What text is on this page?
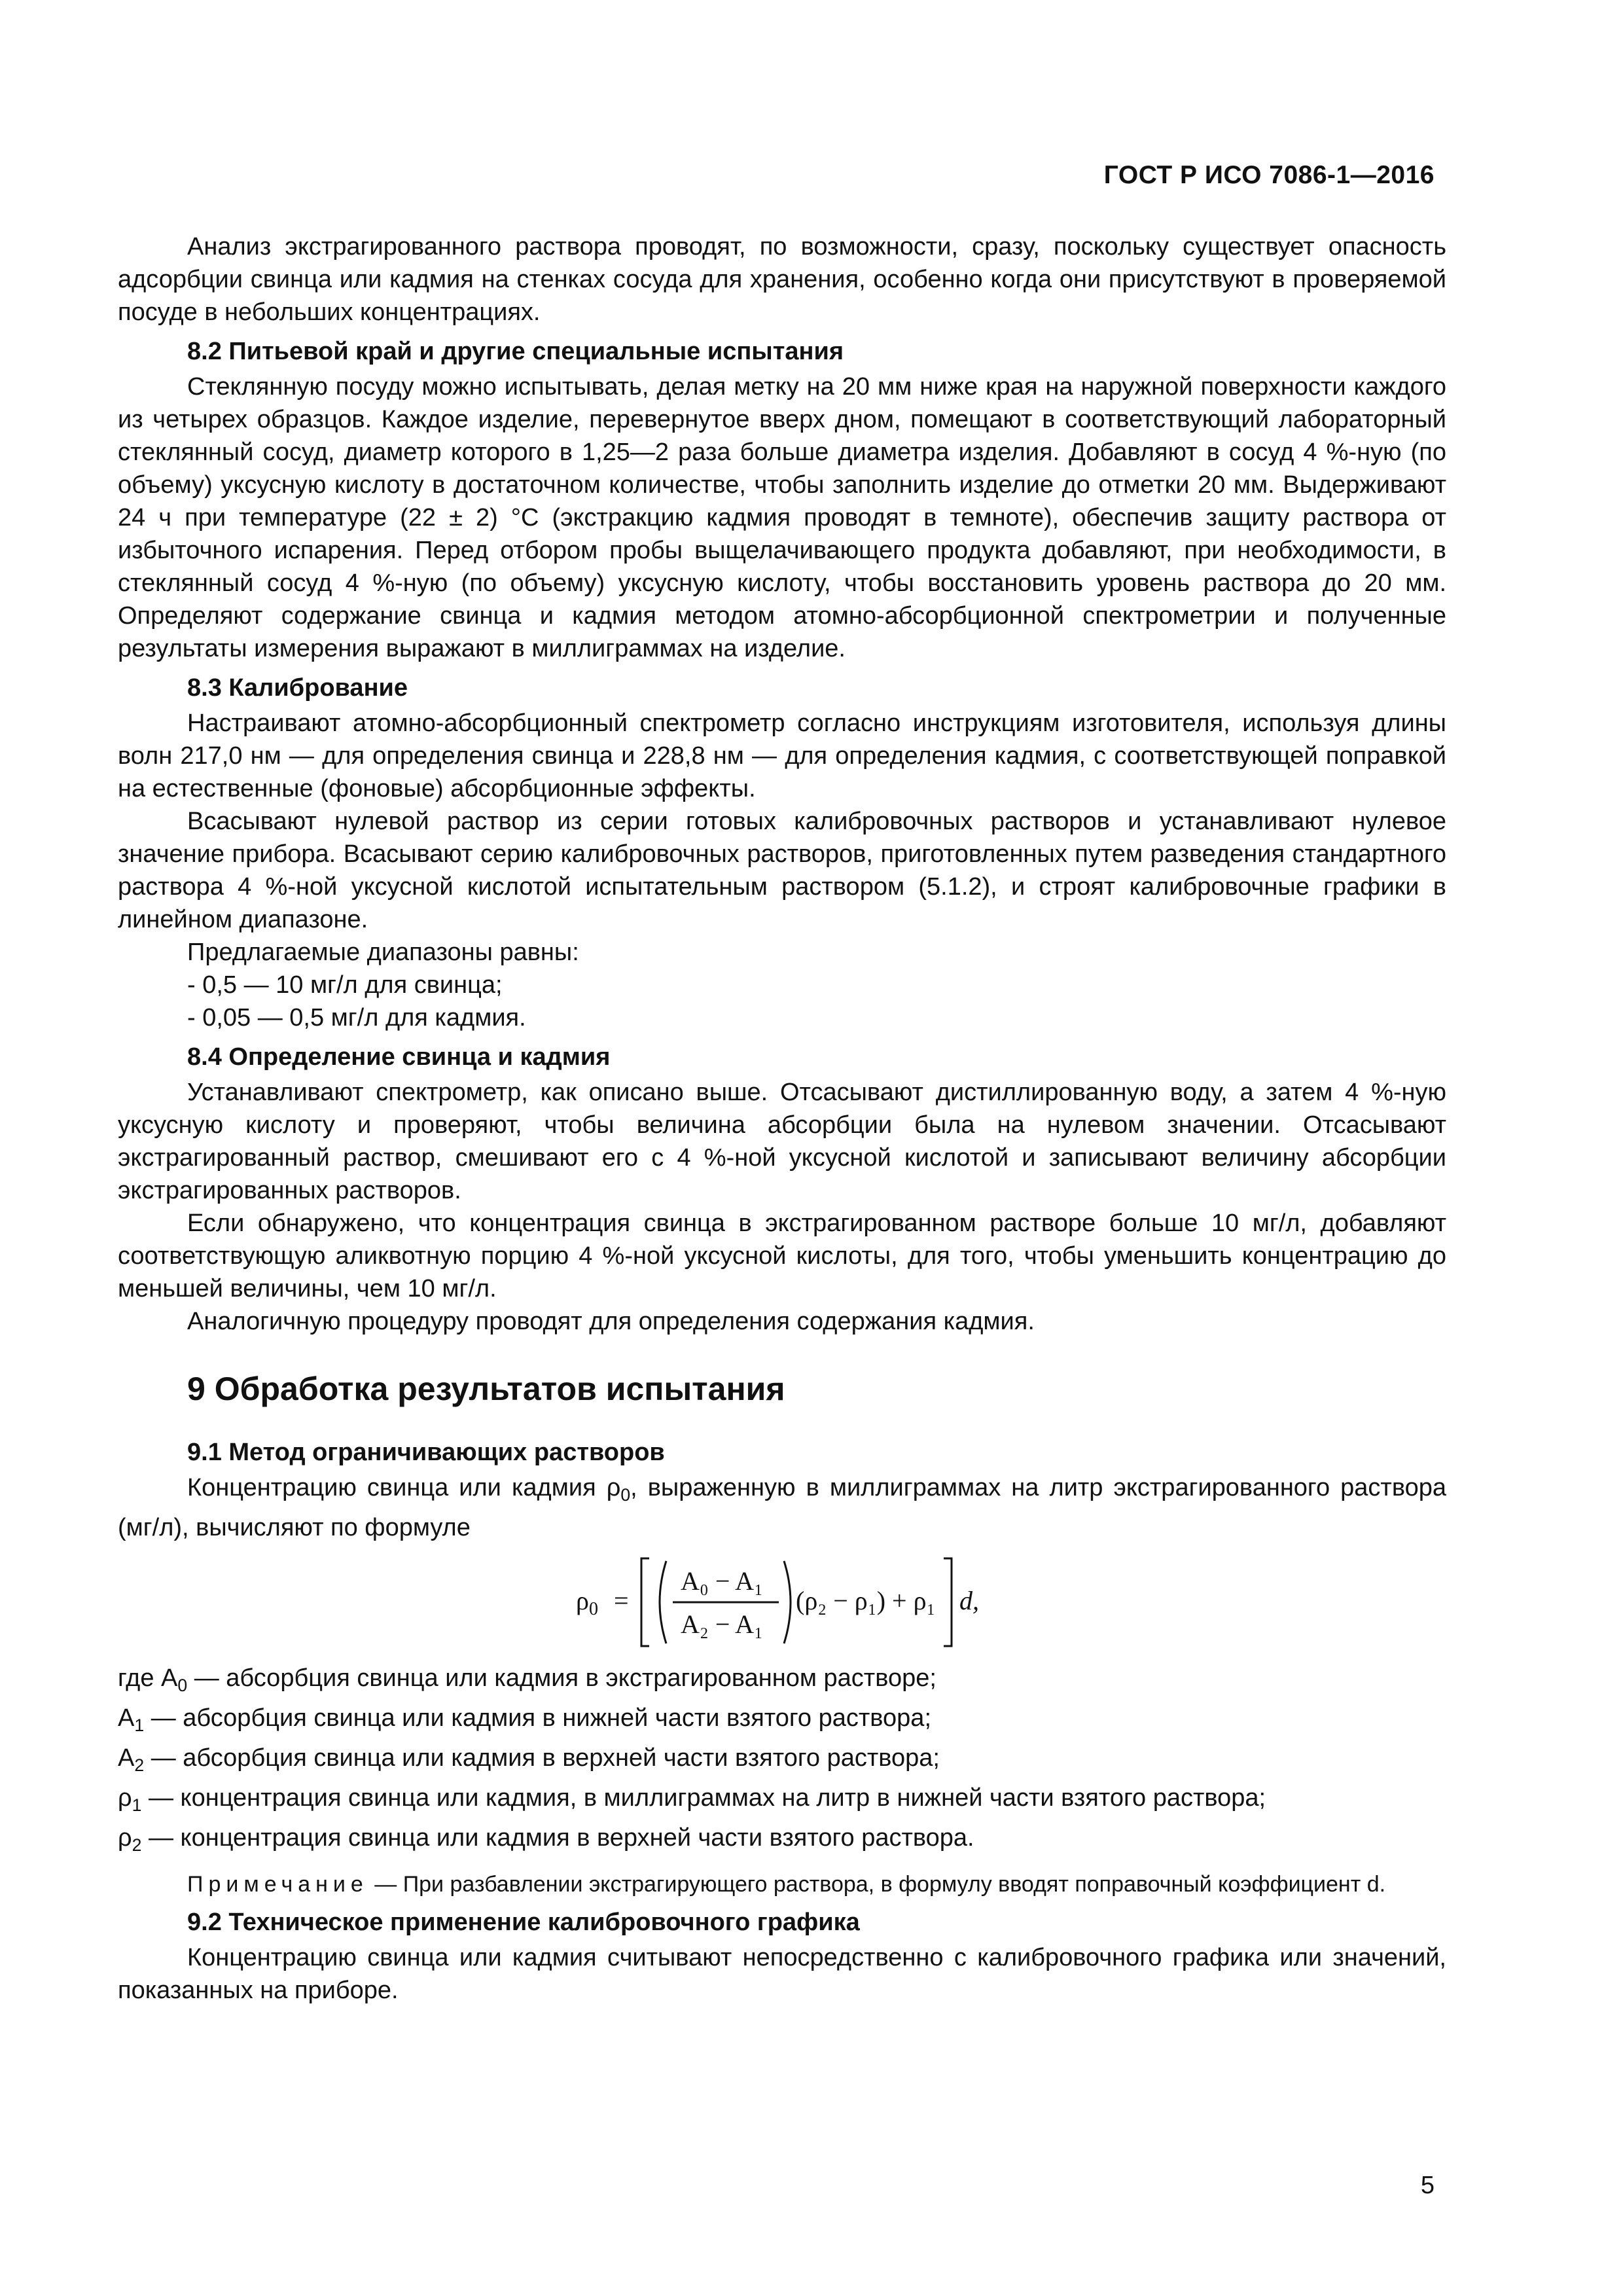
ГОСТ Р ИСО 7086-1—2016

Анализ экстрагированного раствора проводят, по возможности, сразу, поскольку существует опасность адсорбции свинца или кадмия на стенках сосуда для хранения, особенно когда они присутствуют в проверяемой посуде в небольших концентрациях.

8.2 Питьевой край и другие специальные испытания

Стеклянную посуду можно испытывать, делая метку на 20 мм ниже края на наружной поверхности каждого из четырех образцов. Каждое изделие, перевернутое вверх дном, помещают в соответствующий лабораторный стеклянный сосуд, диаметр которого в 1,25—2 раза больше диаметра изделия. Добавляют в сосуд 4 %-ную (по объему) уксусную кислоту в достаточном количестве, чтобы заполнить изделие до отметки 20 мм. Выдерживают 24 ч при температуре (22 ± 2) °С (экстракцию кадмия проводят в темноте), обеспечив защиту раствора от избыточного испарения. Перед отбором пробы выщелачивающего продукта добавляют, при необходимости, в стеклянный сосуд 4 %-ную (по объему) уксусную кислоту, чтобы восстановить уровень раствора до 20 мм. Определяют содержание свинца и кадмия методом атомно-абсорбционной спектрометрии и полученные результаты измерения выражают в миллиграммах на изделие.

8.3 Калибрование

Настраивают атомно-абсорбционный спектрометр согласно инструкциям изготовителя, используя длины волн 217,0 нм — для определения свинца и 228,8 нм — для определения кадмия, с соответствующей поправкой на естественные (фоновые) абсорбционные эффекты.

Всасывают нулевой раствор из серии готовых калибровочных растворов и устанавливают нулевое значение прибора. Всасывают серию калибровочных растворов, приготовленных путем разведения стандартного раствора 4 %-ной уксусной кислотой испытательным раствором (5.1.2), и строят калибровочные графики в линейном диапазоне.

Предлагаемые диапазоны равны:

- 0,5 — 10 мг/л для свинца;

- 0,05 — 0,5 мг/л для кадмия.

8.4 Определение свинца и кадмия

Устанавливают спектрометр, как описано выше. Отсасывают дистиллированную воду, а затем 4 %-ную уксусную кислоту и проверяют, чтобы величина абсорбции была на нулевом значении. Отсасывают экстрагированный раствор, смешивают его с 4 %-ной уксусной кислотой и записывают величину абсорбции экстрагированных растворов.

Если обнаружено, что концентрация свинца в экстрагированном растворе больше 10 мг/л, добавляют соответствующую аликвотную порцию 4 %-ной уксусной кислоты, для того, чтобы уменьшить концентрацию до меньшей величины, чем 10 мг/л.

Аналогичную процедуру проводят для определения содержания кадмия.

9 Обработка результатов испытания
9.1 Метод ограничивающих растворов

Концентрацию свинца или кадмия $\rho_0$, выраженную в миллиграммах на литр экстрагированного раствора (мг/л), вычисляют по формуле

$\rho_0$ =
A₀ − A₁
A₂ − A₁
(ρ₂ − ρ₁) + ρ₁ d,

где $A_0$ — абсорбция свинца или кадмия в экстрагированном растворе;

$A_1$ — абсорбция свинца или кадмия в нижней части взятого раствора;

$A_2$ — абсорбция свинца или кадмия в верхней части взятого раствора;

$\rho_1$ — концентрация свинца или кадмия, в миллиграммах на литр в нижней части взятого раствора;

$\rho_2$ — концентрация свинца или кадмия в верхней части взятого раствора.

Примечание — При разбавлении экстрагирующего раствора, в формулу вводят поправочный коэффициент d.

9.2 Техническое применение калибровочного графика

Концентрацию свинца или кадмия считывают непосредственно с калибровочного графика или значений, показанных на приборе.

5
